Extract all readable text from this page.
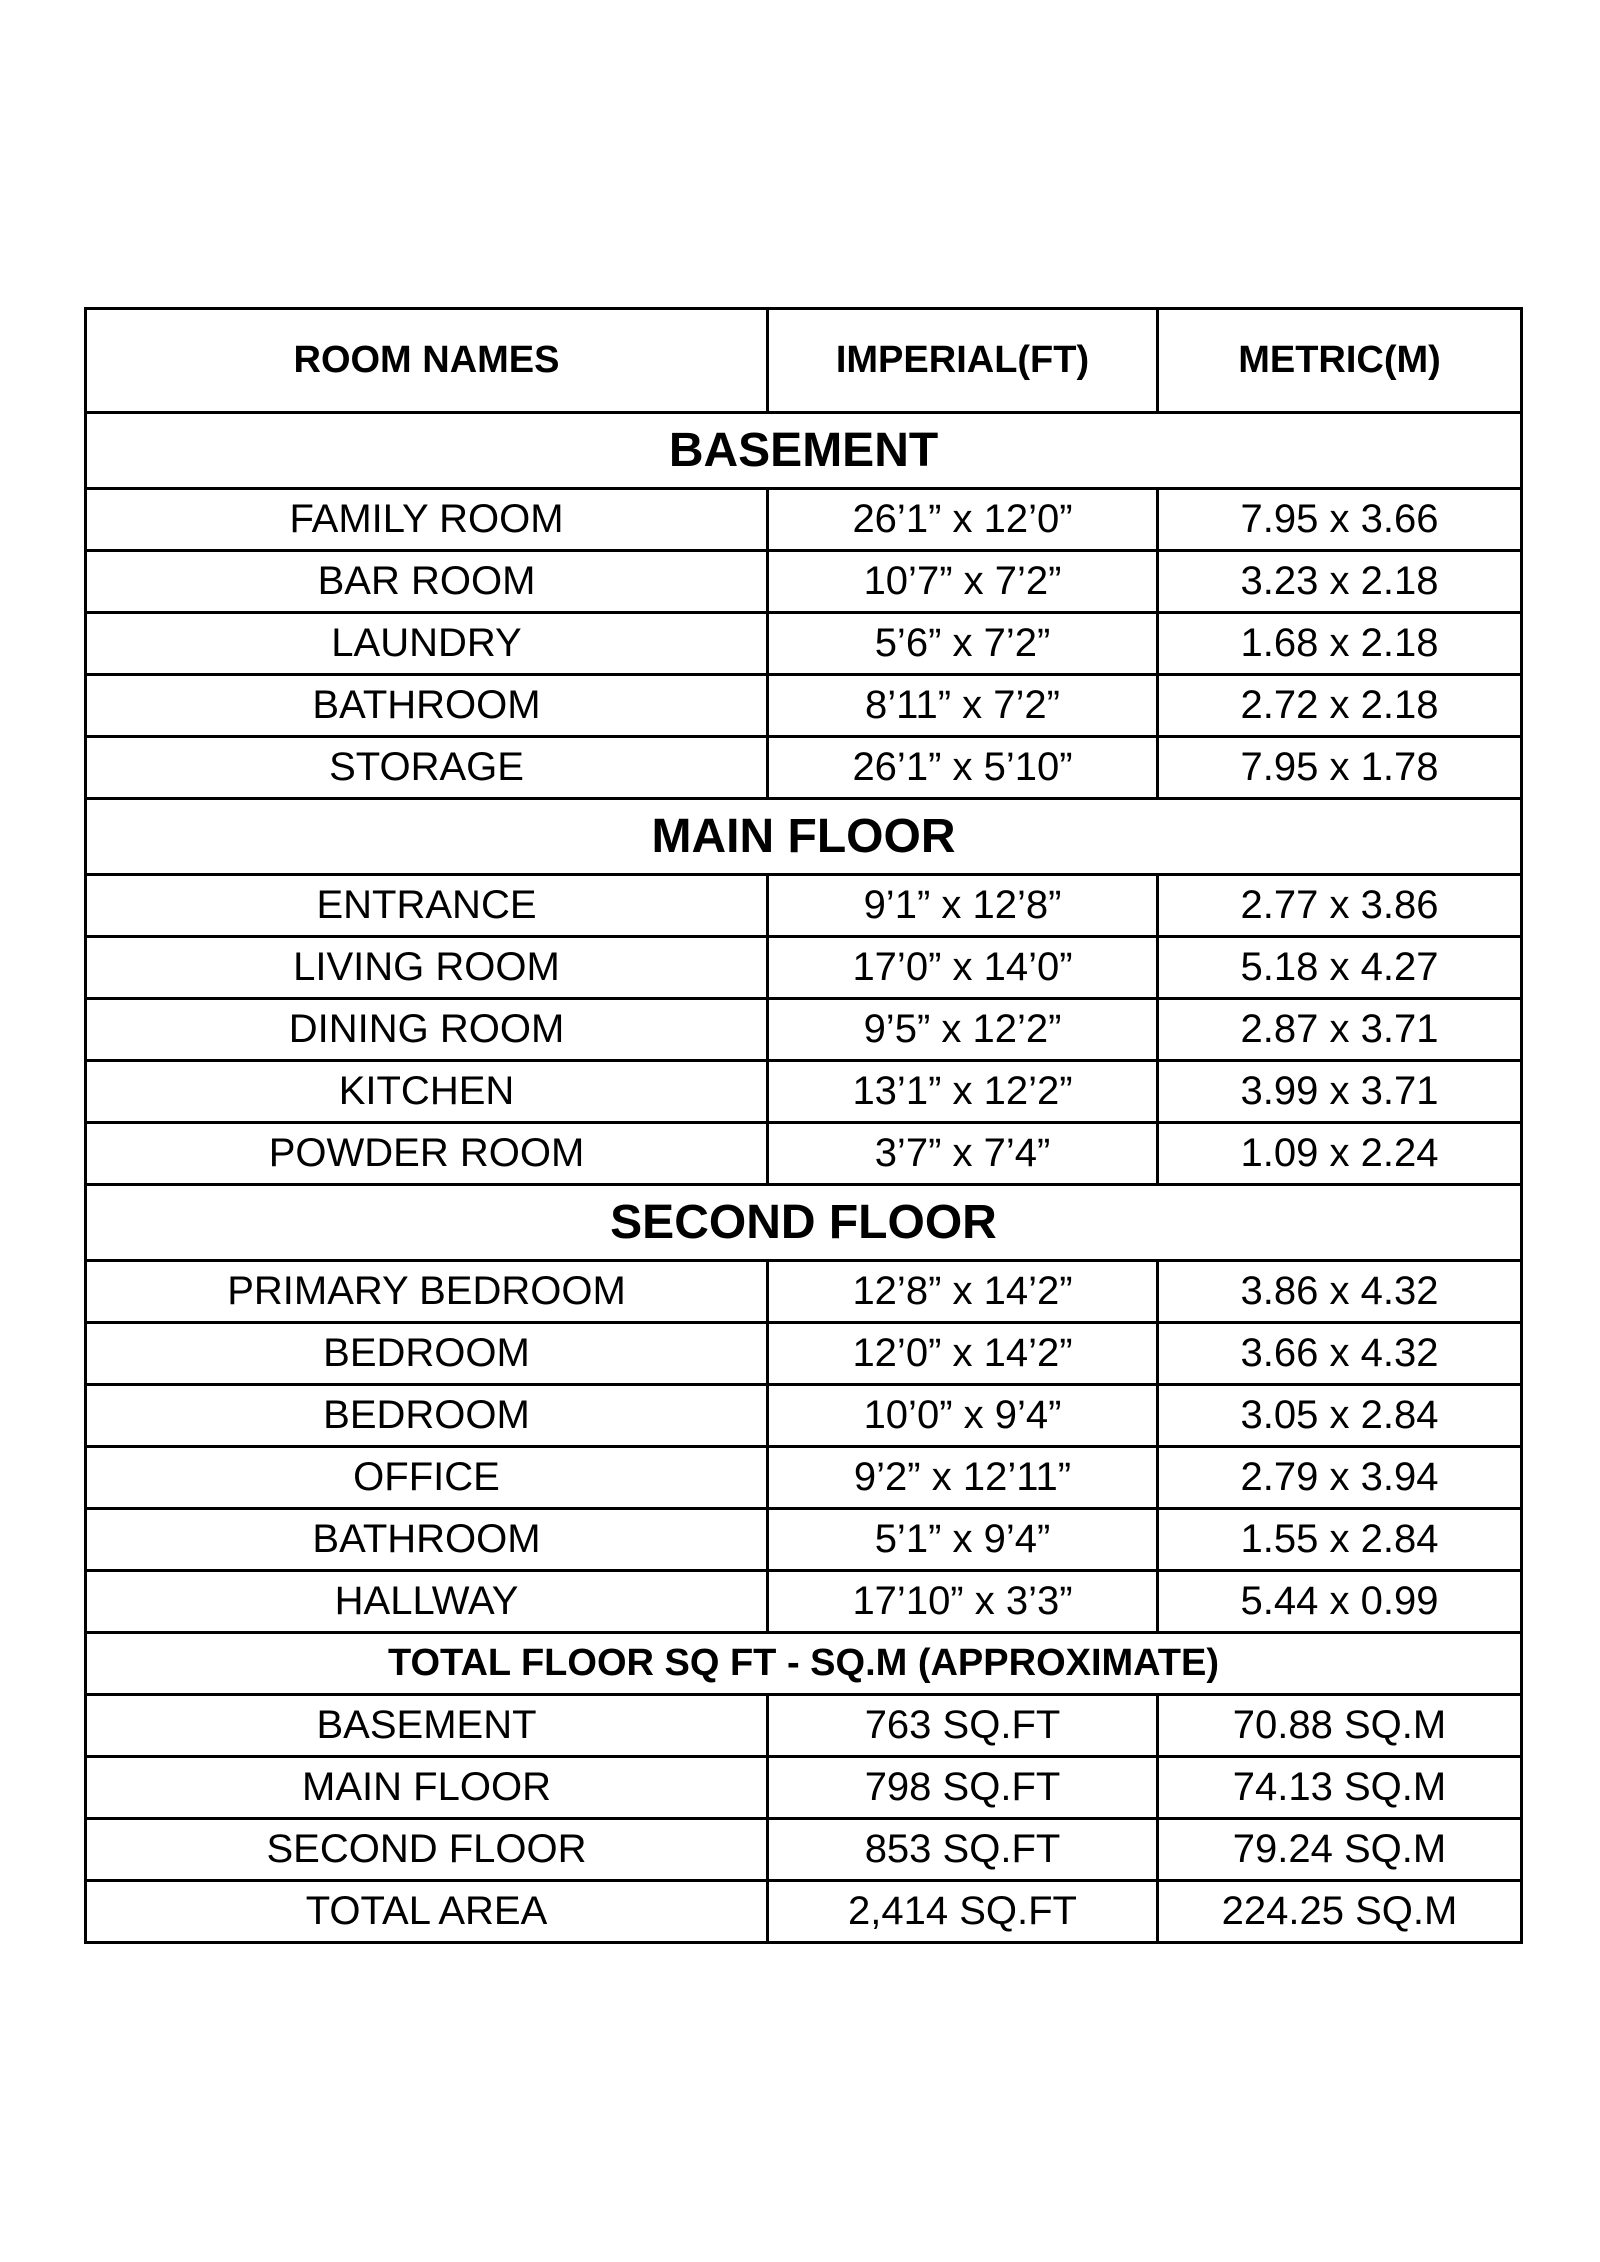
ROOM NAMES	IMPERIAL(FT)	METRIC(M)
BASEMENT		
FAMILY ROOM	26’1” x 12’0”	7.95 x 3.66
BAR ROOM	10’7” x 7’2”	3.23 x 2.18
LAUNDRY	5’6” x 7’2”	1.68 x 2.18
BATHROOM	8’11” x 7’2”	2.72 x 2.18
STORAGE	26’1” x 5’10”	7.95 x 1.78
MAIN FLOOR		
ENTRANCE	9’1” x 12’8”	2.77 x 3.86
LIVING ROOM	17’0” x 14’0”	5.18 x 4.27
DINING ROOM	9’5” x 12’2”	2.87 x 3.71
KITCHEN	13’1” x 12’2”	3.99 x 3.71
POWDER ROOM	3’7” x 7’4”	1.09 x 2.24
SECOND FLOOR		
PRIMARY BEDROOM	12’8” x 14’2”	3.86 x 4.32
BEDROOM	12’0” x 14’2”	3.66 x 4.32
BEDROOM	10’0” x 9’4”	3.05 x 2.84
OFFICE	9’2” x 12’11”	2.79 x 3.94
BATHROOM	5’1” x 9’4”	1.55 x 2.84
HALLWAY	17’10” x 3’3”	5.44 x 0.99
TOTAL FLOOR SQ FT - SQ.M (APPROXIMATE)		
BASEMENT	763 SQ.FT	70.88 SQ.M
MAIN FLOOR	798 SQ.FT	74.13 SQ.M
SECOND FLOOR	853 SQ.FT	79.24 SQ.M
TOTAL AREA	2,414 SQ.FT	224.25 SQ.M
